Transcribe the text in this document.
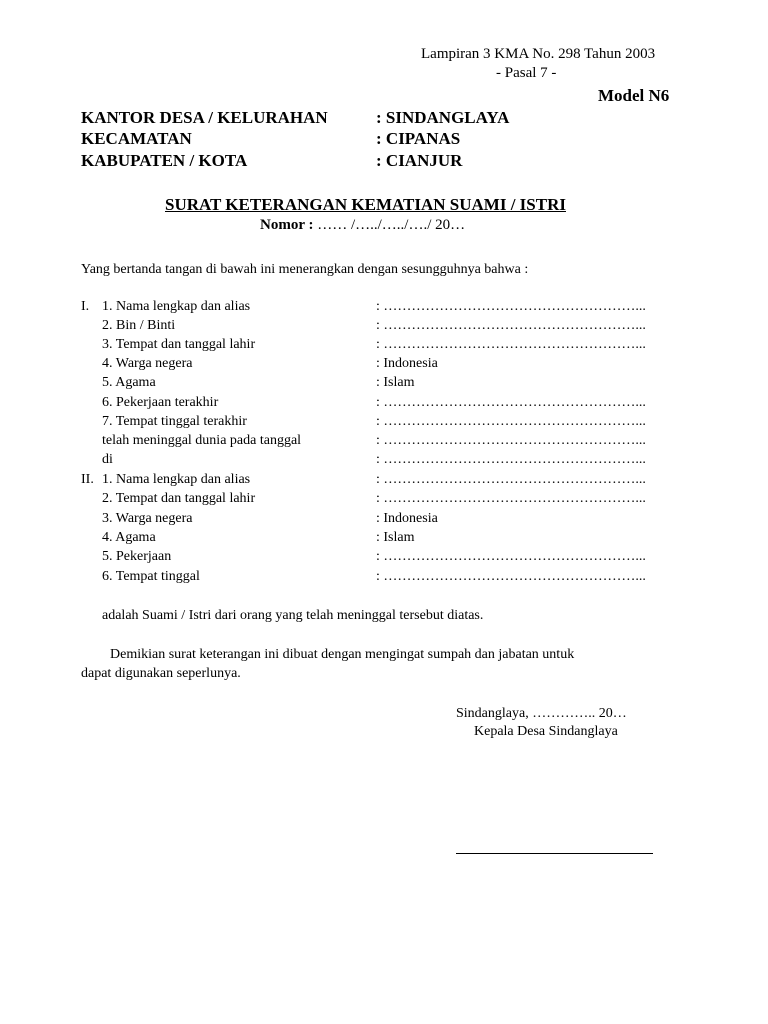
Lampiran 3 KMA No. 298 Tahun 2003
- Pasal 7 -
Model N6
KANTOR DESA / KELURAHAN	: SINDANGLAYA
KECAMATAN	: CIPANAS
KABUPATEN / KOTA	: CIANJUR
SURAT KETERANGAN KEMATIAN SUAMI / ISTRI
Nomor : …… /…../…../…./ 20…
Yang bertanda tangan di bawah ini menerangkan dengan sesungguhnya bahwa :
I. 1. Nama lengkap dan alias	: ………………………………………………...
2. Bin / Binti	: ………………………………………………...
3. Tempat dan tanggal lahir	: ………………………………………………...
4. Warga negera	: Indonesia
5. Agama	: Islam
6. Pekerjaan terakhir	: ………………………………………………...
7. Tempat tinggal terakhir	: ………………………………………………...
telah meninggal dunia pada tanggal	: ………………………………………………...
di	: ………………………………………………...
II. 1. Nama lengkap dan alias	: ………………………………………………...
2. Tempat dan tanggal lahir	: ………………………………………………...
3. Warga negera	: Indonesia
4. Agama	: Islam
5. Pekerjaan	: ………………………………………………...
6. Tempat tinggal	: ………………………………………………...
adalah Suami / Istri dari orang yang telah meninggal tersebut diatas.
Demikian surat keterangan ini dibuat dengan mengingat sumpah dan jabatan untuk
dapat digunakan seperlunya.
Sindanglaya, ………….. 20…
Kepala Desa Sindanglaya
